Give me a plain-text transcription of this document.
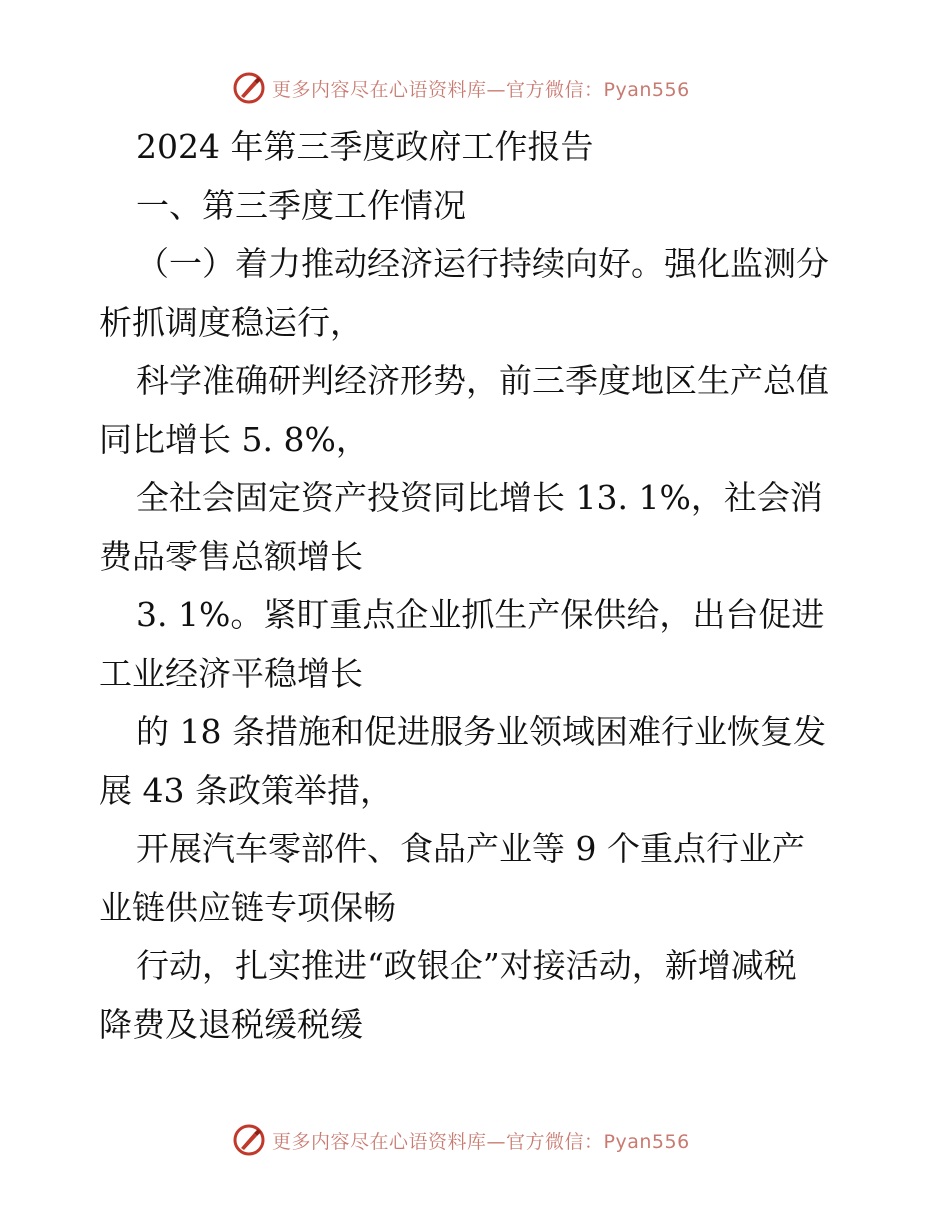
更多内容尽在心语资料库—官方微信：Pyan556
2024 年第三季度政府工作报告
一、第三季度工作情况
（一）着力推动经济运行持续向好。强化监测分
析抓调度稳运行，
科学准确研判经济形势，前三季度地区生产总值
同比增长 5. 8%，
全社会固定资产投资同比增长 13. 1%，社会消
费品零售总额增长
3. 1%。紧盯重点企业抓生产保供给，出台促进
工业经济平稳增长
的 18 条措施和促进服务业领域困难行业恢复发
展 43 条政策举措，
开展汽车零部件、食品产业等 9 个重点行业产
业链供应链专项保畅
行动，扎实推进“政银企”对接活动，新增减税
降费及退税缓税缓
更多内容尽在心语资料库—官方微信：Pyan556
